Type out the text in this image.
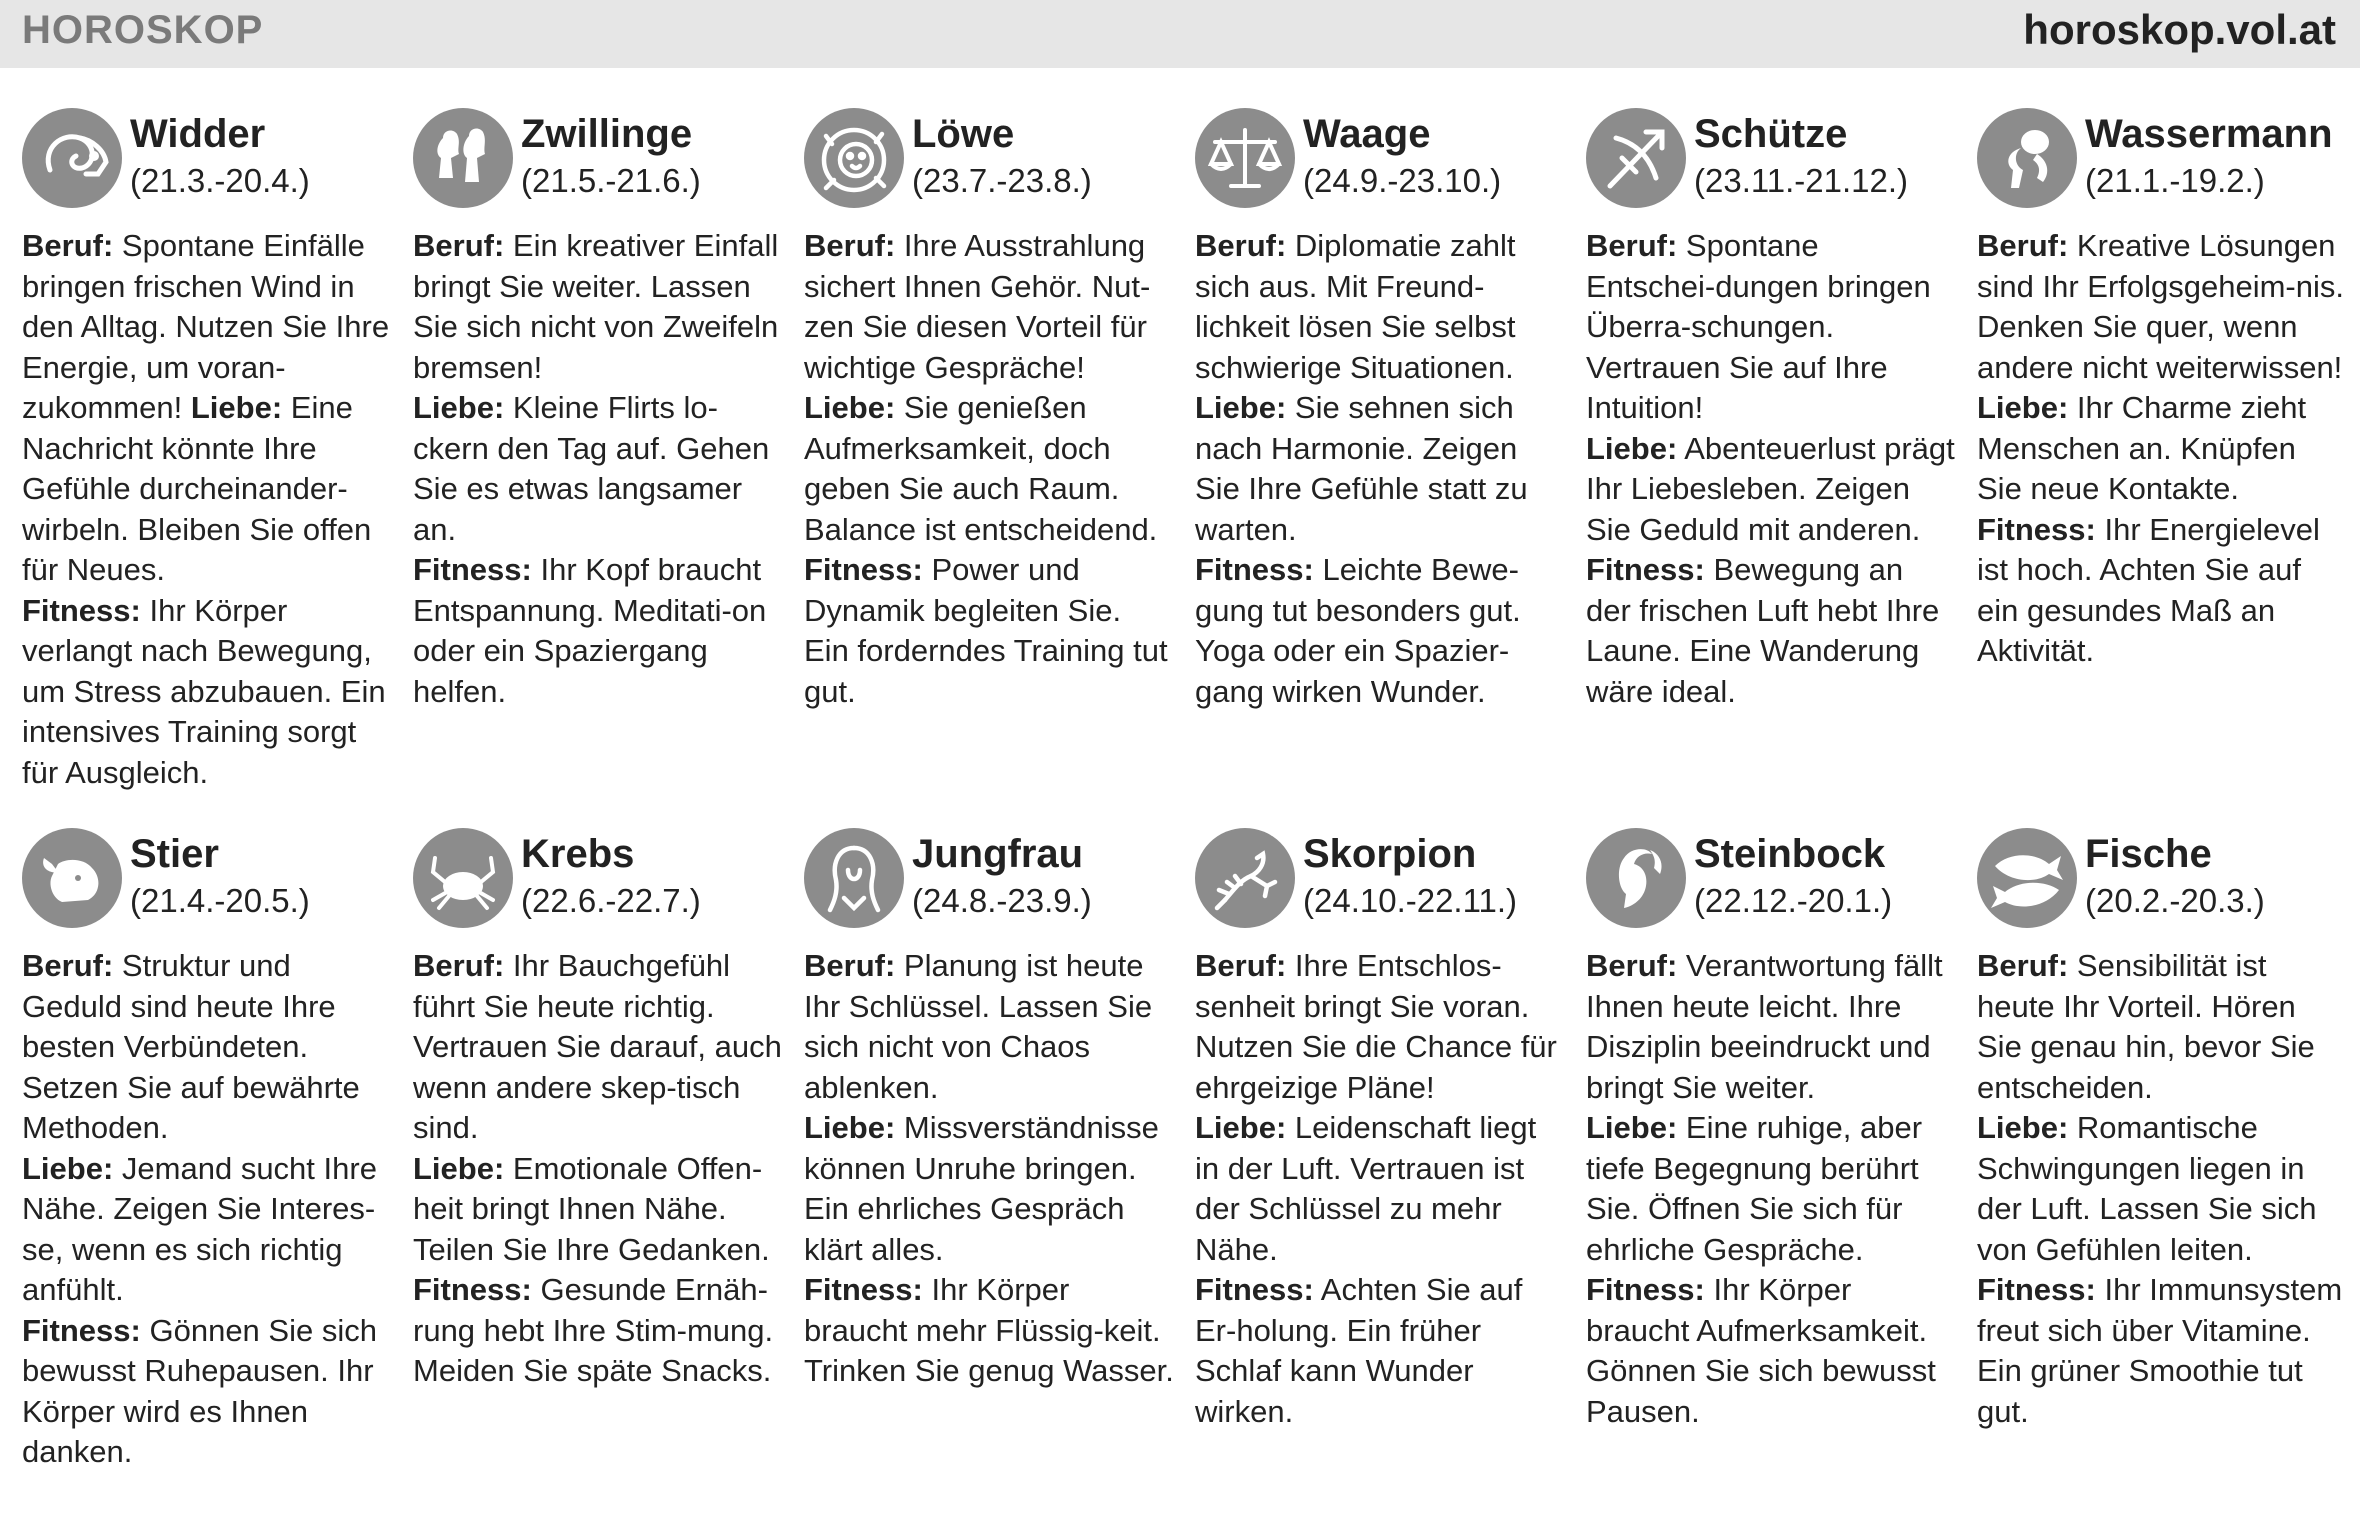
HOROSKOP	horoskop.vol.at
Widder
(21.3.-20.4.)
Beruf: Spontane Einfälle bringen frischen Wind in den Alltag. Nutzen Sie Ihre Energie, um voran-zukommen! Liebe: Eine Nachricht könnte Ihre Gefühle durcheinander-wirbeln. Bleiben Sie offen für Neues.
Fitness: Ihr Körper verlangt nach Bewegung, um Stress abzubauen. Ein intensives Training sorgt für Ausgleich.
Zwillinge
(21.5.-21.6.)
Beruf: Ein kreativer Einfall bringt Sie weiter. Lassen Sie sich nicht von Zweifeln bremsen!
Liebe: Kleine Flirts lo-ckern den Tag auf. Gehen Sie es etwas langsamer an.
Fitness: Ihr Kopf braucht Entspannung. Meditati-on oder ein Spaziergang helfen.
Löwe
(23.7.-23.8.)
Beruf: Ihre Ausstrahlung sichert Ihnen Gehör. Nut-zen Sie diesen Vorteil für wichtige Gespräche!
Liebe: Sie genießen Aufmerksamkeit, doch geben Sie auch Raum. Balance ist entscheidend.
Fitness: Power und Dynamik begleiten Sie. Ein forderndes Training tut gut.
Waage
(24.9.-23.10.)
Beruf: Diplomatie zahlt sich aus. Mit Freund-lichkeit lösen Sie selbst schwierige Situationen.
Liebe: Sie sehnen sich nach Harmonie. Zeigen Sie Ihre Gefühle statt zu warten.
Fitness: Leichte Bewe-gung tut besonders gut. Yoga oder ein Spazier-gang wirken Wunder.
Schütze
(23.11.-21.12.)
Beruf: Spontane Entschei-dungen bringen Überra-schungen. Vertrauen Sie auf Ihre Intuition!
Liebe: Abenteuerlust prägt Ihr Liebesleben. Zeigen Sie Geduld mit anderen.
Fitness: Bewegung an der frischen Luft hebt Ihre Laune. Eine Wanderung wäre ideal.
Wassermann
(21.1.-19.2.)
Beruf: Kreative Lösungen sind Ihr Erfolgsgeheim-nis. Denken Sie quer, wenn andere nicht weiterwissen!
Liebe: Ihr Charme zieht Menschen an. Knüpfen Sie neue Kontakte.
Fitness: Ihr Energielevel ist hoch. Achten Sie auf ein gesundes Maß an Aktivität.
Stier
(21.4.-20.5.)
Beruf: Struktur und Geduld sind heute Ihre besten Verbündeten. Setzen Sie auf bewährte Methoden.
Liebe: Jemand sucht Ihre Nähe. Zeigen Sie Interes-se, wenn es sich richtig anfühlt.
Fitness: Gönnen Sie sich bewusst Ruhepausen. Ihr Körper wird es Ihnen danken.
Krebs
(22.6.-22.7.)
Beruf: Ihr Bauchgefühl führt Sie heute richtig. Vertrauen Sie darauf, auch wenn andere skep-tisch sind.
Liebe: Emotionale Offen-heit bringt Ihnen Nähe. Teilen Sie Ihre Gedanken.
Fitness: Gesunde Ernäh-rung hebt Ihre Stim-mung. Meiden Sie späte Snacks.
Jungfrau
(24.8.-23.9.)
Beruf: Planung ist heute Ihr Schlüssel. Lassen Sie sich nicht von Chaos ablenken.
Liebe: Missverständnisse können Unruhe bringen. Ein ehrliches Gespräch klärt alles.
Fitness: Ihr Körper braucht mehr Flüssig-keit. Trinken Sie genug Wasser.
Skorpion
(24.10.-22.11.)
Beruf: Ihre Entschlos-senheit bringt Sie voran. Nutzen Sie die Chance für ehrgeizige Pläne!
Liebe: Leidenschaft liegt in der Luft. Vertrauen ist der Schlüssel zu mehr Nähe.
Fitness: Achten Sie auf Er-holung. Ein früher Schlaf kann Wunder wirken.
Steinbock
(22.12.-20.1.)
Beruf: Verantwortung fällt Ihnen heute leicht. Ihre Disziplin beeindruckt und bringt Sie weiter.
Liebe: Eine ruhige, aber tiefe Begegnung berührt Sie. Öffnen Sie sich für ehrliche Gespräche.
Fitness: Ihr Körper braucht Aufmerksamkeit. Gönnen Sie sich bewusst Pausen.
Fische
(20.2.-20.3.)
Beruf: Sensibilität ist heute Ihr Vorteil. Hören Sie genau hin, bevor Sie entscheiden.
Liebe: Romantische Schwingungen liegen in der Luft. Lassen Sie sich von Gefühlen leiten.
Fitness: Ihr Immunsystem freut sich über Vitamine. Ein grüner Smoothie tut gut.
